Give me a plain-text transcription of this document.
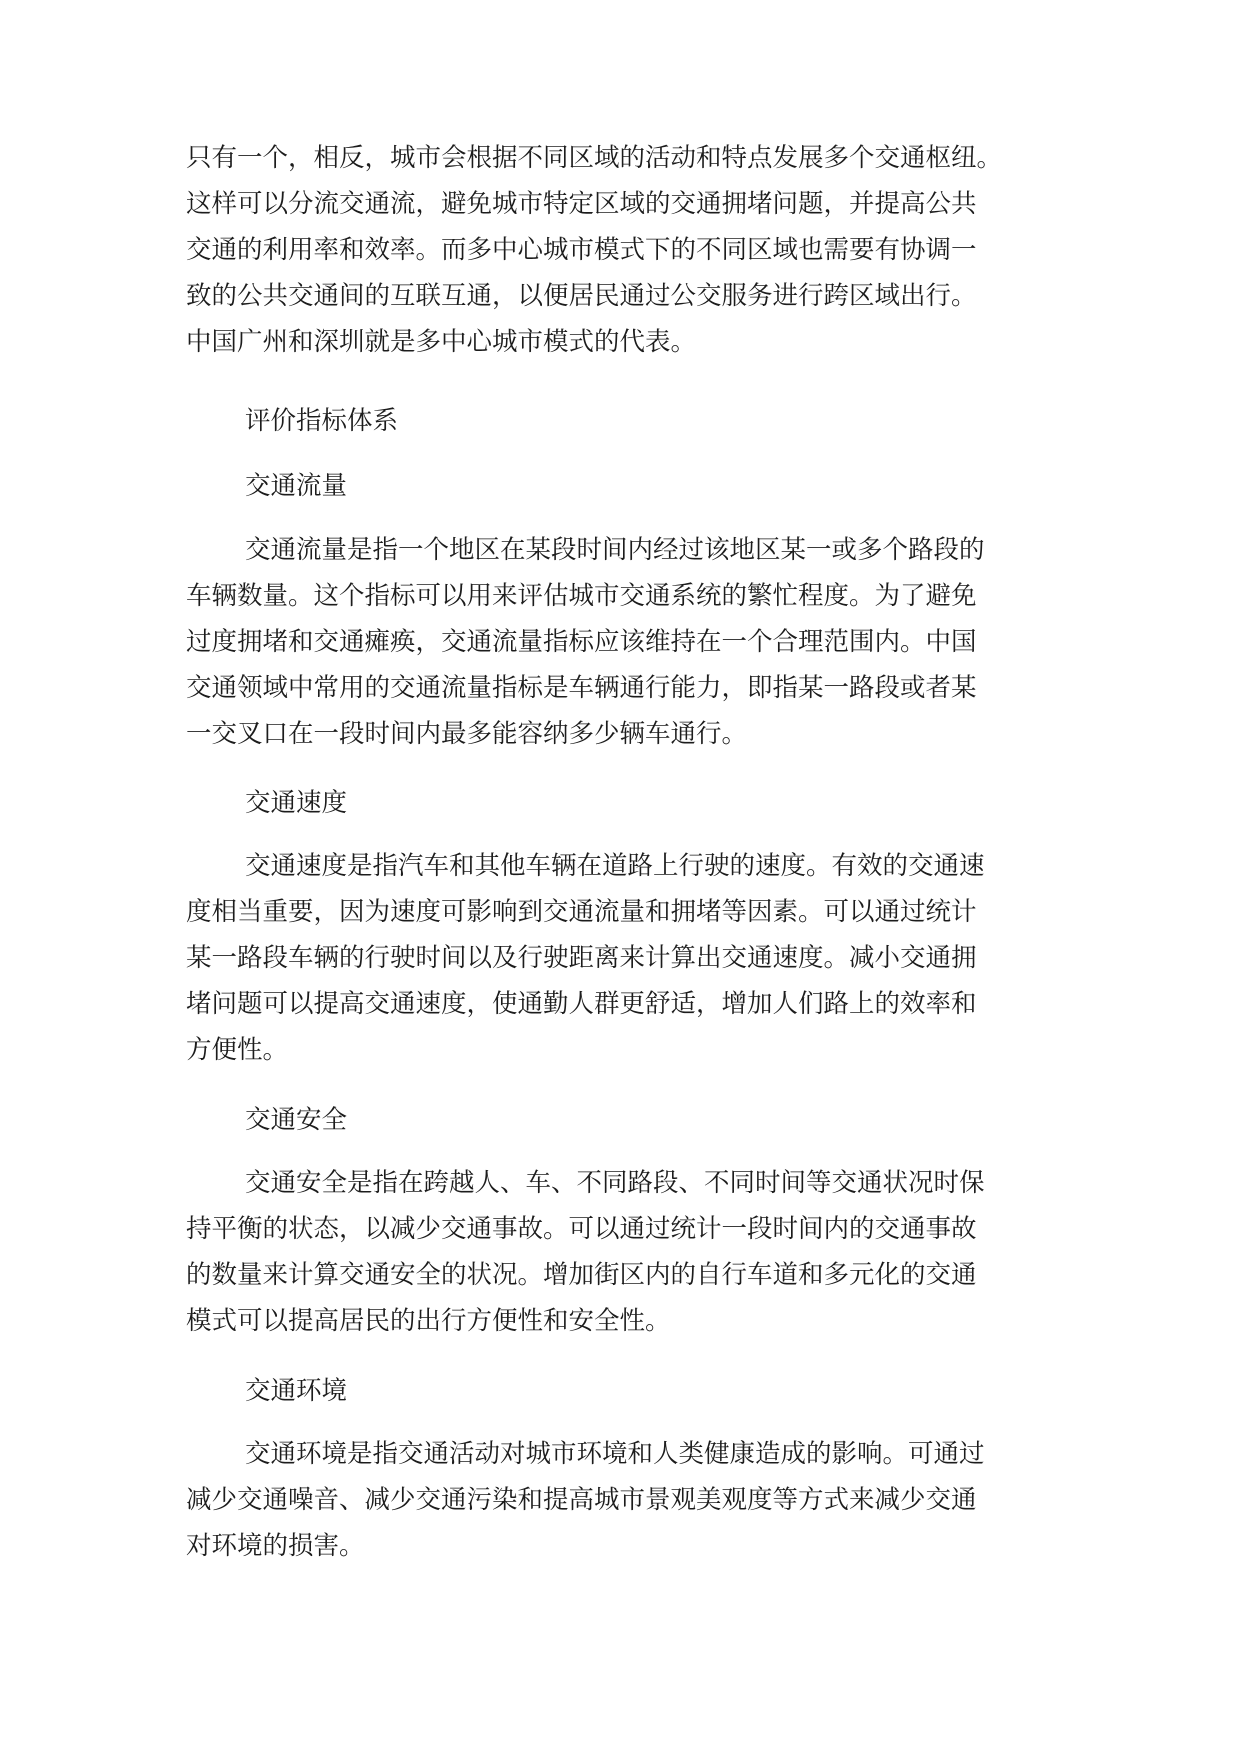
只有一个，相反，城市会根据不同区域的活动和特点发展多个交通枢纽。
这样可以分流交通流，避免城市特定区域的交通拥堵问题，并提高公共
交通的利用率和效率。而多中心城市模式下的不同区域也需要有协调一
致的公共交通间的互联互通，以便居民通过公交服务进行跨区域出行。
中国广州和深圳就是多中心城市模式的代表。
评价指标体系
交通流量
交通流量是指一个地区在某段时间内经过该地区某一或多个路段的
车辆数量。这个指标可以用来评估城市交通系统的繁忙程度。为了避免
过度拥堵和交通瘫痪，交通流量指标应该维持在一个合理范围内。中国
交通领域中常用的交通流量指标是车辆通行能力，即指某一路段或者某
一交叉口在一段时间内最多能容纳多少辆车通行。
交通速度
交通速度是指汽车和其他车辆在道路上行驶的速度。有效的交通速
度相当重要，因为速度可影响到交通流量和拥堵等因素。可以通过统计
某一路段车辆的行驶时间以及行驶距离来计算出交通速度。减小交通拥
堵问题可以提高交通速度，使通勤人群更舒适，增加人们路上的效率和
方便性。
交通安全
交通安全是指在跨越人、车、不同路段、不同时间等交通状况时保
持平衡的状态，以减少交通事故。可以通过统计一段时间内的交通事故
的数量来计算交通安全的状况。增加街区内的自行车道和多元化的交通
模式可以提高居民的出行方便性和安全性。
交通环境
交通环境是指交通活动对城市环境和人类健康造成的影响。可通过
减少交通噪音、减少交通污染和提高城市景观美观度等方式来减少交通
对环境的损害。
